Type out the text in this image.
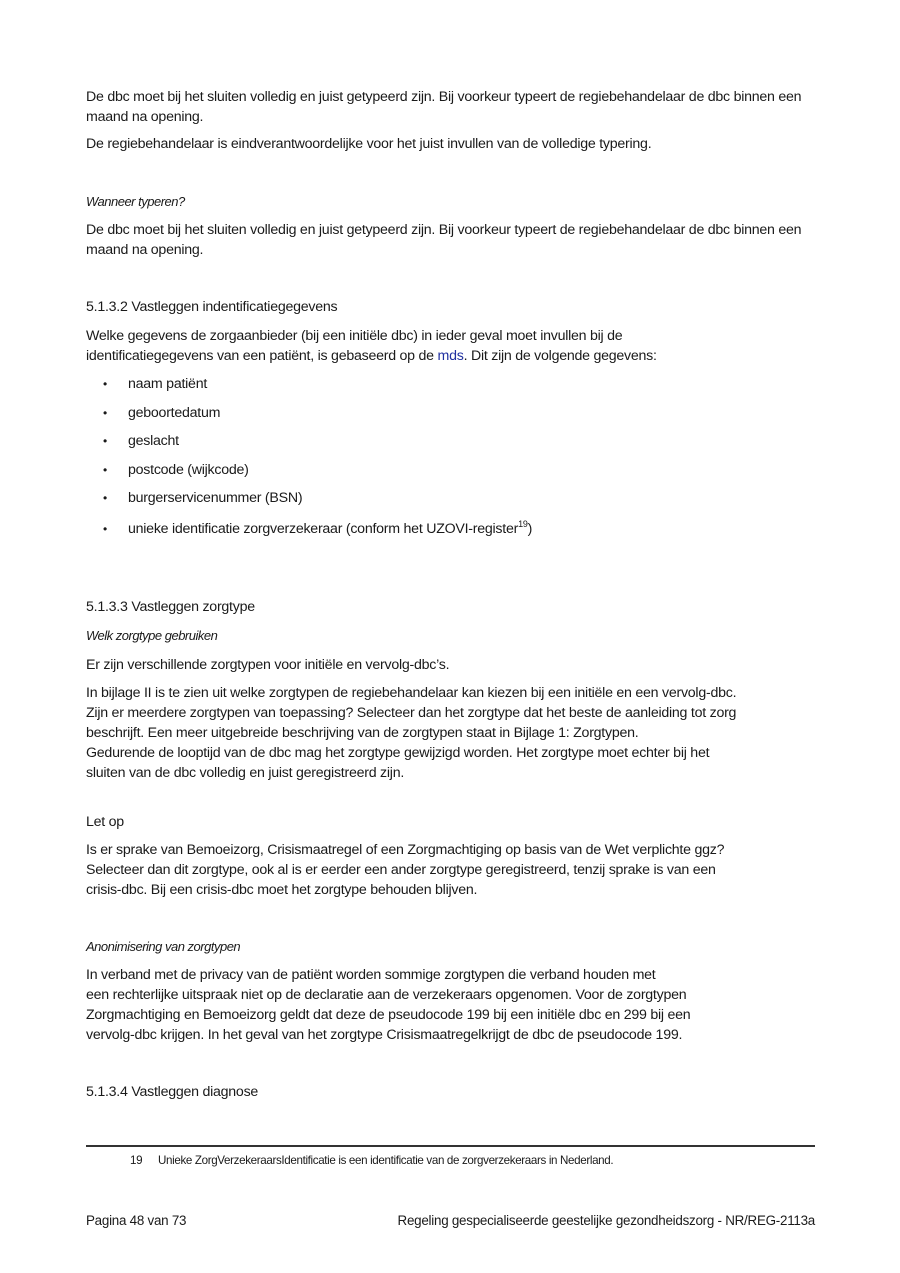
De dbc moet bij het sluiten volledig en juist getypeerd zijn. Bij voorkeur typeert de regiebehandelaar de dbc binnen een maand na opening.

De regiebehandelaar is eindverantwoordelijke voor het juist invullen van de volledige typering.

Wanneer typeren?

De dbc moet bij het sluiten volledig en juist getypeerd zijn. Bij voorkeur typeert de regiebehandelaar de dbc binnen een maand na opening.

5.1.3.2 Vastleggen indentificatiegegevens

Welke gegevens de zorgaanbieder (bij een initiële dbc) in ieder geval moet invullen bij de identificatiegegevens van een patiënt, is gebaseerd op de mds. Dit zijn de volgende gegevens:

• naam patiënt
• geboortedatum
• geslacht
• postcode (wijkcode)
• burgerservicenummer (BSN)
• unieke identificatie zorgverzekeraar (conform het UZOVI-register$^{19}$)

5.1.3.3 Vastleggen zorgtype

Welk zorgtype gebruiken

Er zijn verschillende zorgtypen voor initiële en vervolg-dbc’s.

In bijlage II is te zien uit welke zorgtypen de regiebehandelaar kan kiezen bij een initiële en een vervolg-dbc.
Zijn er meerdere zorgtypen van toepassing? Selecteer dan het zorgtype dat het beste de aanleiding tot zorg
beschrijft. Een meer uitgebreide beschrijving van de zorgtypen staat in Bijlage 1: Zorgtypen.
Gedurende de looptijd van de dbc mag het zorgtype gewijzigd worden. Het zorgtype moet echter bij het
sluiten van de dbc volledig en juist geregistreerd zijn.

Let op

Is er sprake van Bemoeizorg, Crisismaatregel of een Zorgmachtiging op basis van de Wet verplichte ggz?
Selecteer dan dit zorgtype, ook al is er eerder een ander zorgtype geregistreerd, tenzij sprake is van een
crisis-dbc. Bij een crisis-dbc moet het zorgtype behouden blijven.

Anonimisering van zorgtypen

In verband met de privacy van de patiënt worden sommige zorgtypen die verband houden met
een rechterlijke uitspraak niet op de declaratie aan de verzekeraars opgenomen. Voor de zorgtypen
Zorgmachtiging en Bemoeizorg geldt dat deze de pseudocode 199 bij een initiële dbc en 299 bij een
vervolg-dbc krijgen. In het geval van het zorgtype Crisismaatregelkrijgt de dbc de pseudocode 199.

5.1.3.4 Vastleggen diagnose

19 Unieke ZorgVerzekeraarsIdentificatie is een identificatie van de zorgverzekeraars in Nederland.
Pagina 48 van 73	Regeling gespecialiseerde geestelijke gezondheidszorg - NR/REG-2113a
